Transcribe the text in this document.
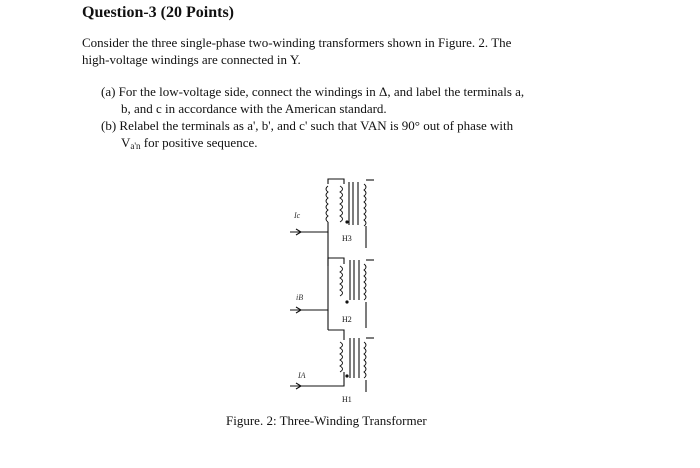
Question-3 (20 Points)
Consider the three single-phase two-winding transformers shown in Figure. 2. The
high-voltage windings are connected in Y.
(a) For the low-voltage side, connect the windings in Δ, and label the terminals a,
b, and c in accordance with the American standard.
(b) Relabel the terminals as a', b', and c' such that VAN is 90° out of phase with
$V_{a'n}$ for positive sequence.
Ic
iB
IA
H3
H2
H1
Figure. 2: Three-Winding Transformer
